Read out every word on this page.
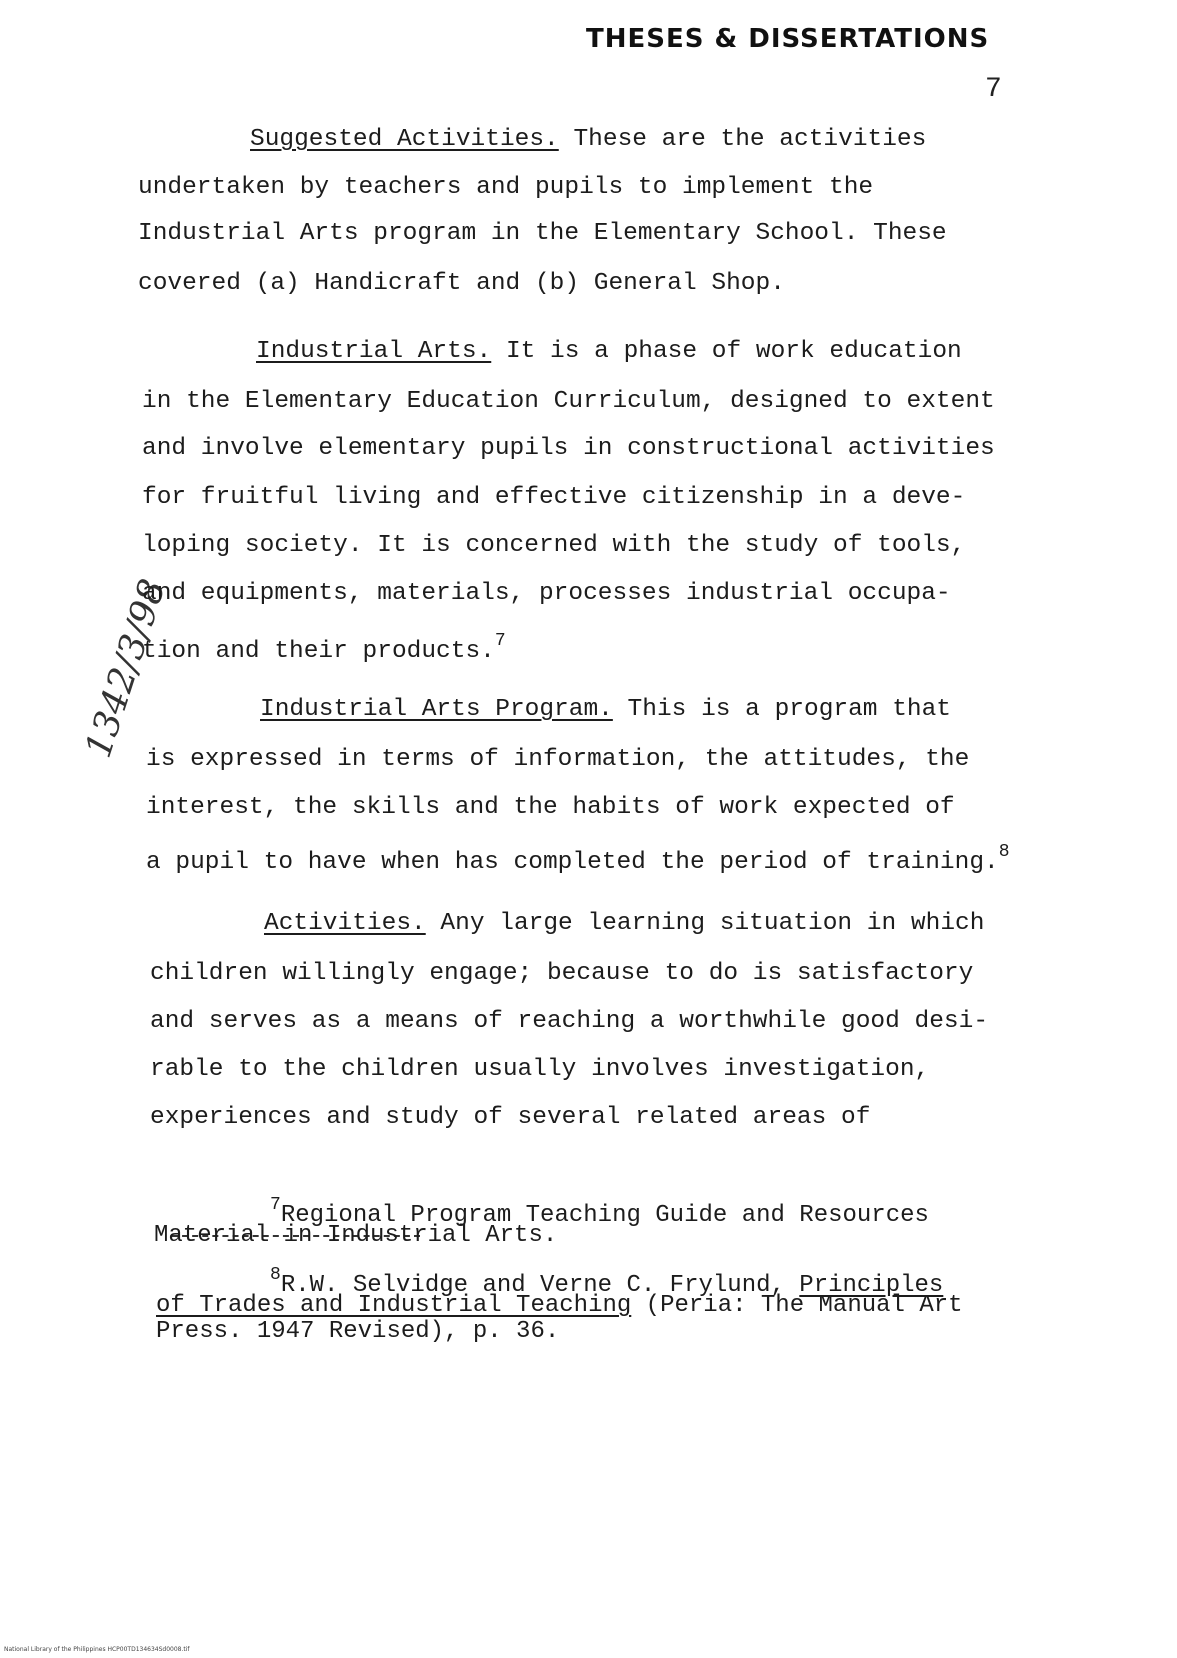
THESES & DISSERTATIONS
7
1342/3/98
Suggested Activities. These are the activities
undertaken by teachers and pupils to implement the
Industrial Arts program in the Elementary School. These
covered (a) Handicraft and (b) General Shop.
Industrial Arts. It is a phase of work education
in the Elementary Education Curriculum, designed to extent
and involve elementary pupils in constructional activities
for fruitful living and effective citizenship in a deve-
loping society. It is concerned with the study of tools,
and equipments, materials, processes industrial occupa-
tion and their products.$^7$
Industrial Arts Program. This is a program that
is expressed in terms of information, the attitudes, the
interest, the skills and the habits of work expected of
a pupil to have when has completed the period of training.$^8$
Activities. Any large learning situation in which
children willingly engage; because to do is satisfactory
and serves as a means of reaching a worthwhile good desi-
rable to the children usually involves investigation,
experiences and study of several related areas of
$^7$Regional Program Teaching Guide and Resources
Material in Industrial Arts.
$^8$R.W. Selvidge and Verne C. Frylund, Principles
of Trades and Industrial Teaching (Peria: The Manual Art
Press. 1947 Revised), p. 36.
National Library of the Philippines HCP00TD134634Sd0008.tif
